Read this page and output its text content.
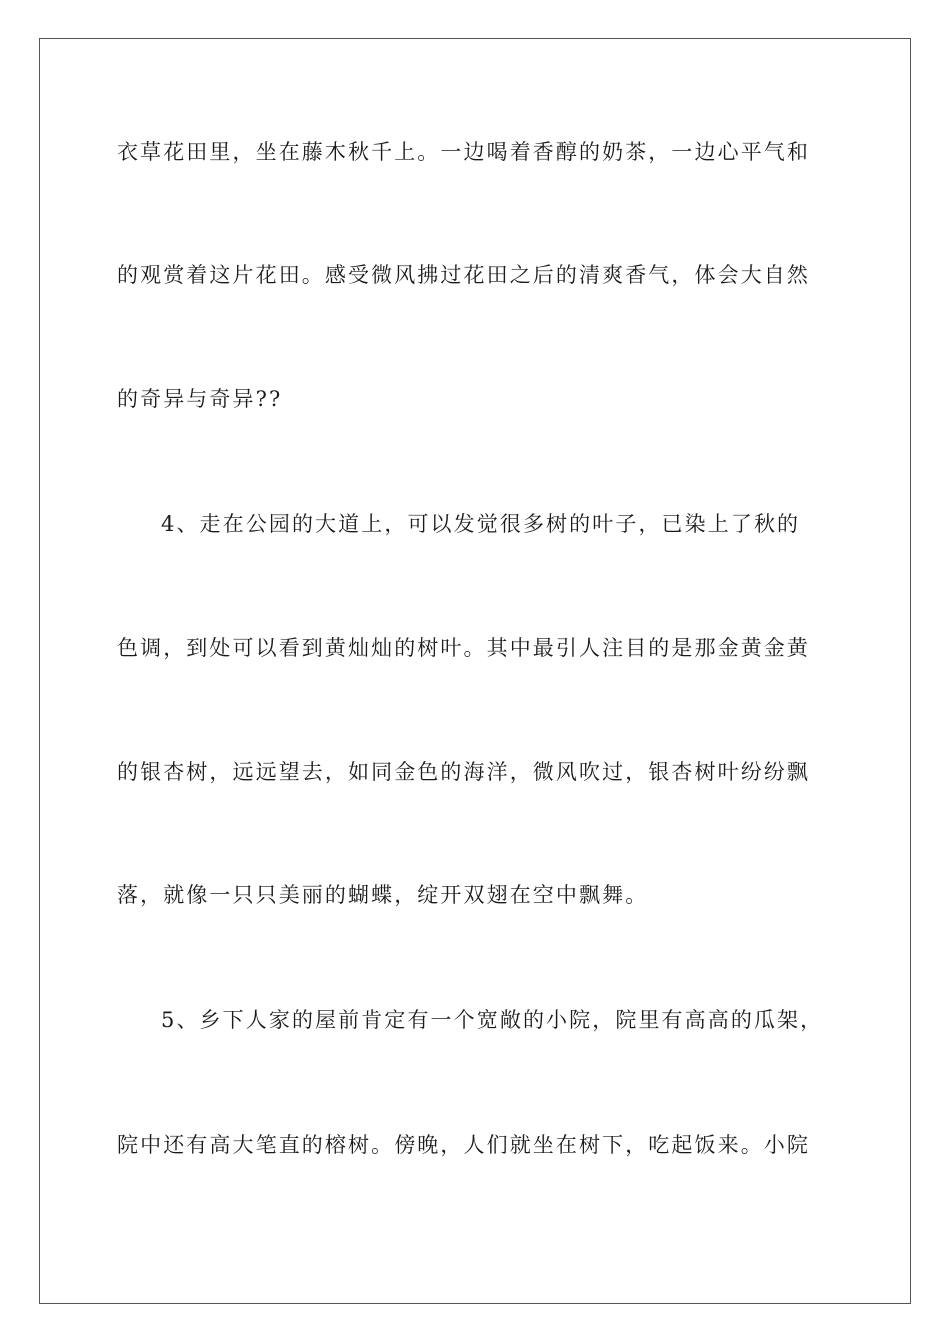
衣草花田里，坐在藤木秋千上。一边喝着香醇的奶茶，一边心平气和
的观赏着这片花田。感受微风拂过花田之后的清爽香气，体会大自然
的奇异与奇异??
4、走在公园的大道上，可以发觉很多树的叶子，已染上了秋的
色调，到处可以看到黄灿灿的树叶。其中最引人注目的是那金黄金黄
的银杏树，远远望去，如同金色的海洋，微风吹过，银杏树叶纷纷飘
落，就像一只只美丽的蝴蝶，绽开双翅在空中飘舞。
5、乡下人家的屋前肯定有一个宽敞的小院，院里有高高的瓜架，
院中还有高大笔直的榕树。傍晚，人们就坐在树下，吃起饭来。小院
